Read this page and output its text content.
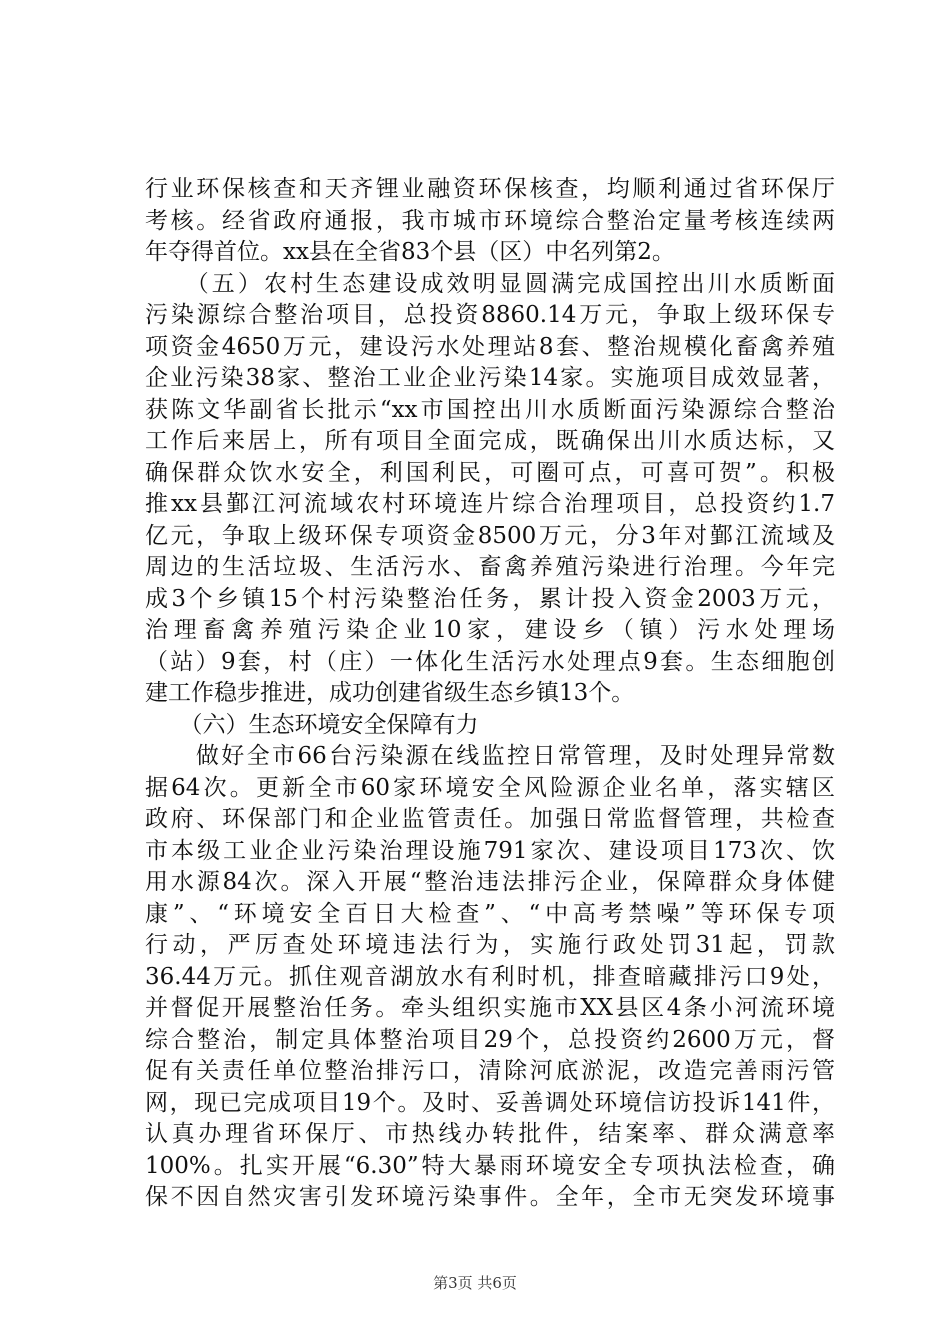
行业环保核查和天齐锂业融资环保核查，均顺利通过省环保厅
考核。经省政府通报，我市城市环境综合整治定量考核连续两
年夺得首位。xx县在全省83个县（区）中名列第2。
　　（五）农村生态建设成效明显圆满完成国控出川水质断面
污染源综合整治项目，总投资8860.14万元，争取上级环保专
项资金4650万元，建设污水处理站8套、整治规模化畜禽养殖
企业污染38家、整治工业企业污染14家。实施项目成效显著，
获陈文华副省长批示“xx市国控出川水质断面污染源综合整治
工作后来居上，所有项目全面完成，既确保出川水质达标，又
确保群众饮水安全，利国利民，可圈可点，可喜可贺”。积极
推xx县鄞江河流域农村环境连片综合治理项目，总投资约1.7
亿元，争取上级环保专项资金8500万元，分3年对鄞江流域及
周边的生活垃圾、生活污水、畜禽养殖污染进行治理。今年完
成3个乡镇15个村污染整治任务，累计投入资金2003万元，
治理畜禽养殖污染企业10家，建设乡（镇）污水处理场
（站）9套，村（庄）一体化生活污水处理点9套。生态细胞创
建工作稳步推进，成功创建省级生态乡镇13个。
　　（六）生态环境安全保障有力
　　做好全市66台污染源在线监控日常管理，及时处理异常数
据64次。更新全市60家环境安全风险源企业名单，落实辖区
政府、环保部门和企业监管责任。加强日常监督管理，共检查
市本级工业企业污染治理设施791家次、建设项目173次、饮
用水源84次。深入开展“整治违法排污企业，保障群众身体健
康”、“环境安全百日大检查”、“中高考禁噪”等环保专项
行动，严厉查处环境违法行为，实施行政处罚31起，罚款
36.44万元。抓住观音湖放水有利时机，排查暗藏排污口9处，
并督促开展整治任务。牵头组织实施市XX县区4条小河流环境
综合整治，制定具体整治项目29个，总投资约2600万元，督
促有关责任单位整治排污口，清除河底淤泥，改造完善雨污管
网，现已完成项目19个。及时、妥善调处环境信访投诉141件，
认真办理省环保厅、市热线办转批件，结案率、群众满意率
100%。扎实开展“6.30”特大暴雨环境安全专项执法检查，确
保不因自然灾害引发环境污染事件。全年，全市无突发环境事
第3页 共6页
